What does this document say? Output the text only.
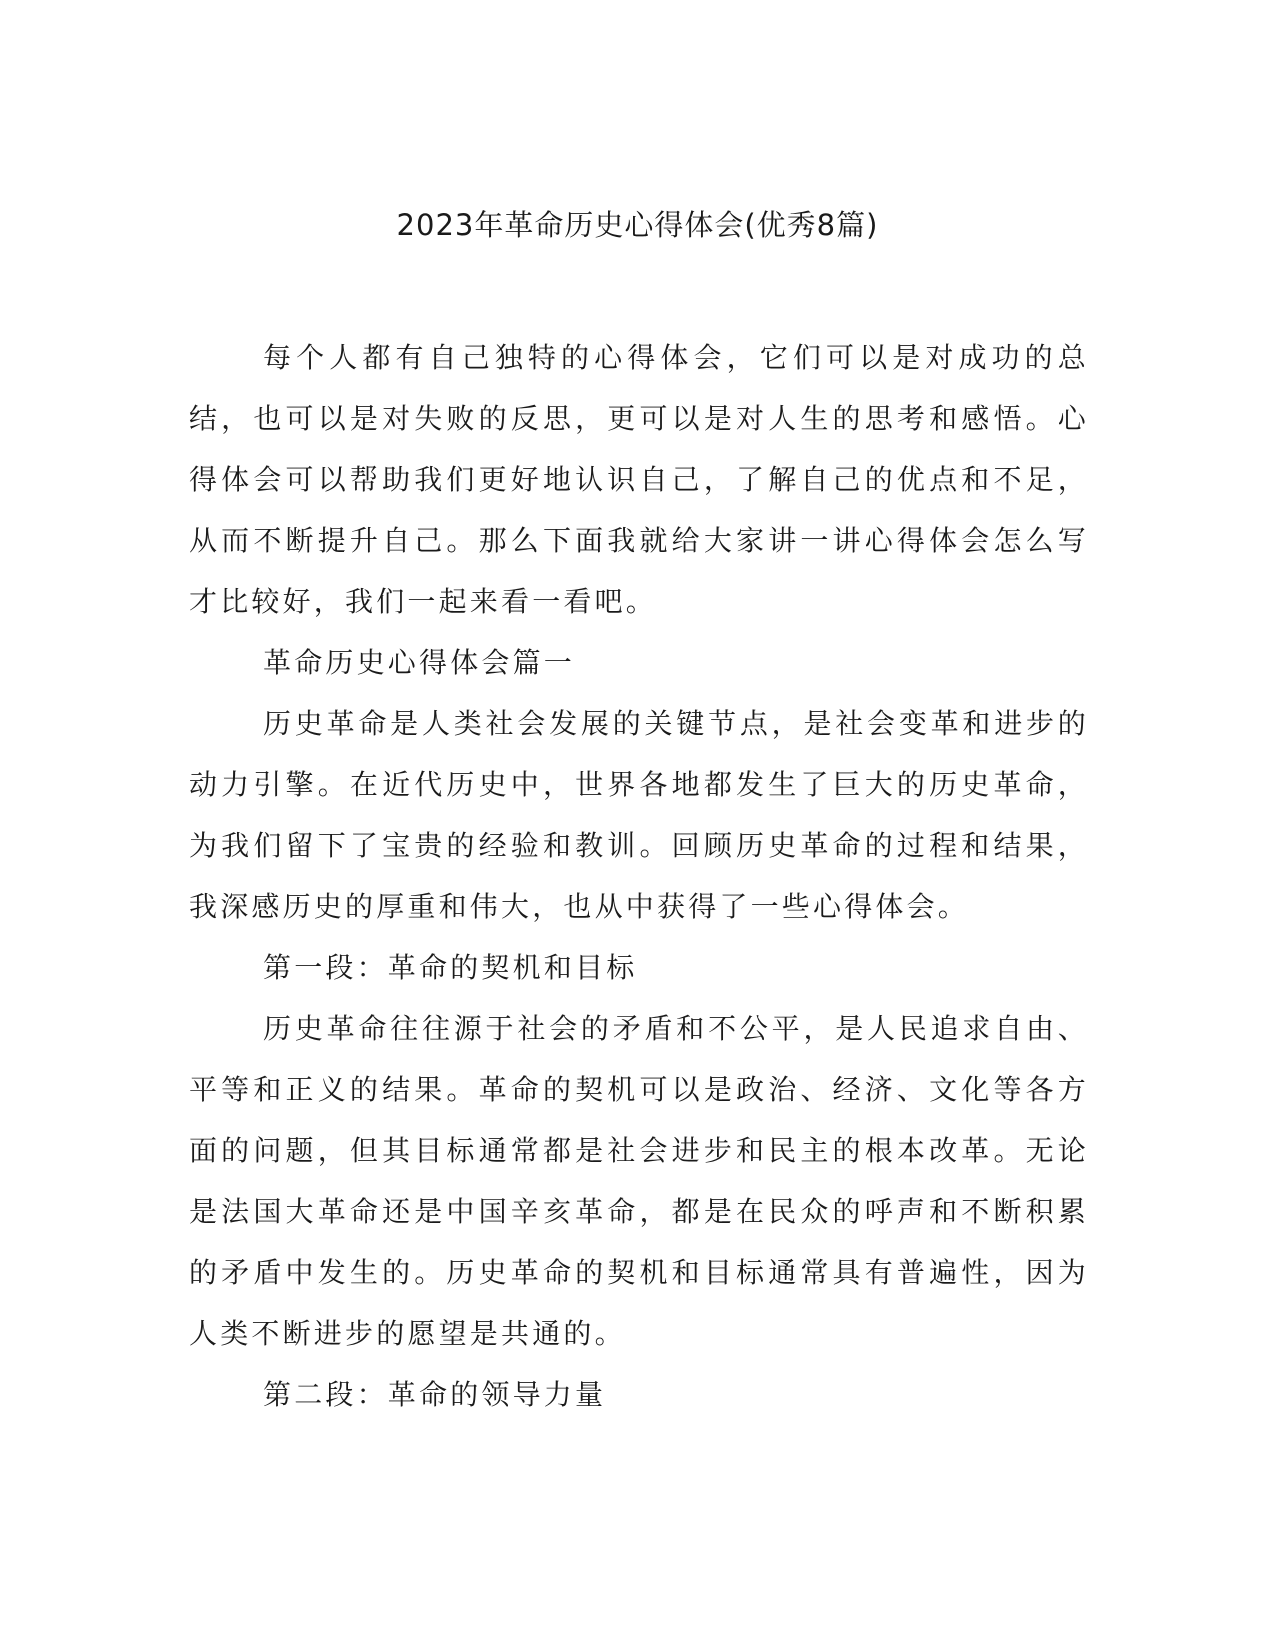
2023年革命历史心得体会(优秀8篇)

每个人都有自己独特的心得体会，它们可以是对成功的总结，也可以是对失败的反思，更可以是对人生的思考和感悟。心得体会可以帮助我们更好地认识自己，了解自己的优点和不足，从而不断提升自己。那么下面我就给大家讲一讲心得体会怎么写才比较好，我们一起来看一看吧。

革命历史心得体会篇一

历史革命是人类社会发展的关键节点，是社会变革和进步的动力引擎。在近代历史中，世界各地都发生了巨大的历史革命，为我们留下了宝贵的经验和教训。回顾历史革命的过程和结果，我深感历史的厚重和伟大，也从中获得了一些心得体会。

第一段：革命的契机和目标

历史革命往往源于社会的矛盾和不公平，是人民追求自由、平等和正义的结果。革命的契机可以是政治、经济、文化等各方面的问题，但其目标通常都是社会进步和民主的根本改革。无论是法国大革命还是中国辛亥革命，都是在民众的呼声和不断积累的矛盾中发生的。历史革命的契机和目标通常具有普遍性，因为人类不断进步的愿望是共通的。

第二段：革命的领导力量
